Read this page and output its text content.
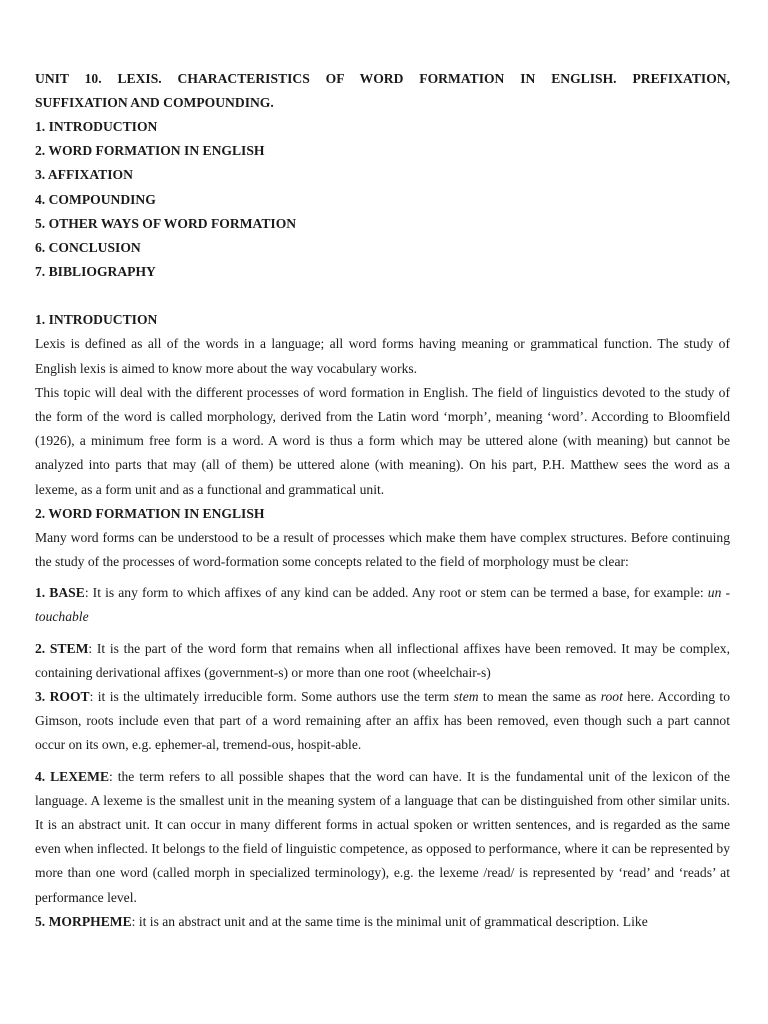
UNIT 10. LEXIS. CHARACTERISTICS OF WORD FORMATION IN ENGLISH. PREFIXATION,
SUFFIXATION AND COMPOUNDING.
1. INTRODUCTION
2. WORD FORMATION IN ENGLISH
3. AFFIXATION
4. COMPOUNDING
5. OTHER WAYS OF WORD FORMATION
6. CONCLUSION
7. BIBLIOGRAPHY
1. INTRODUCTION

Lexis is defined as all of the words in a language; all word forms having meaning or grammatical function. The study of English lexis is aimed to know more about the way vocabulary works.

This topic will deal with the different processes of word formation in English. The field of linguistics devoted to the study of the form of the word is called morphology, derived from the Latin word ‘morph’, meaning ‘word’. According to Bloomfield (1926), a minimum free form is a word. A word is thus a form which may be uttered alone (with meaning) but cannot be analyzed into parts that may (all of them) be uttered alone (with meaning). On his part, P.H. Matthew sees the word as a lexeme, as a form unit and as a functional and grammatical unit.

2. WORD FORMATION IN ENGLISH

Many word forms can be understood to be a result of processes which make them have complex structures. Before continuing the study of the processes of word-formation some concepts related to the field of morphology must be clear:

1. BASE: It is any form to which affixes of any kind can be added. Any root or stem can be termed a base, for example: un -touchable

2. STEM: It is the part of the word form that remains when all inflectional affixes have been removed. It may be complex, containing derivational affixes (government-s) or more than one root (wheelchair-s)

3. ROOT: it is the ultimately irreducible form. Some authors use the term stem to mean the same as root here. According to Gimson, roots include even that part of a word remaining after an affix has been removed, even though such a part cannot occur on its own, e.g. ephemer-al, tremend-ous, hospit-able.

4. LEXEME: the term refers to all possible shapes that the word can have. It is the fundamental unit of the lexicon of the language. A lexeme is the smallest unit in the meaning system of a language that can be distinguished from other similar units. It is an abstract unit. It can occur in many different forms in actual spoken or written sentences, and is regarded as the same even when inflected. It belongs to the field of linguistic competence, as opposed to performance, where it can be represented by more than one word (called morph in specialized terminology), e.g. the lexeme /read/ is represented by ‘read’ and ‘reads’ at performance level.

5. MORPHEME: it is an abstract unit and at the same time is the minimal unit of grammatical description. Like
